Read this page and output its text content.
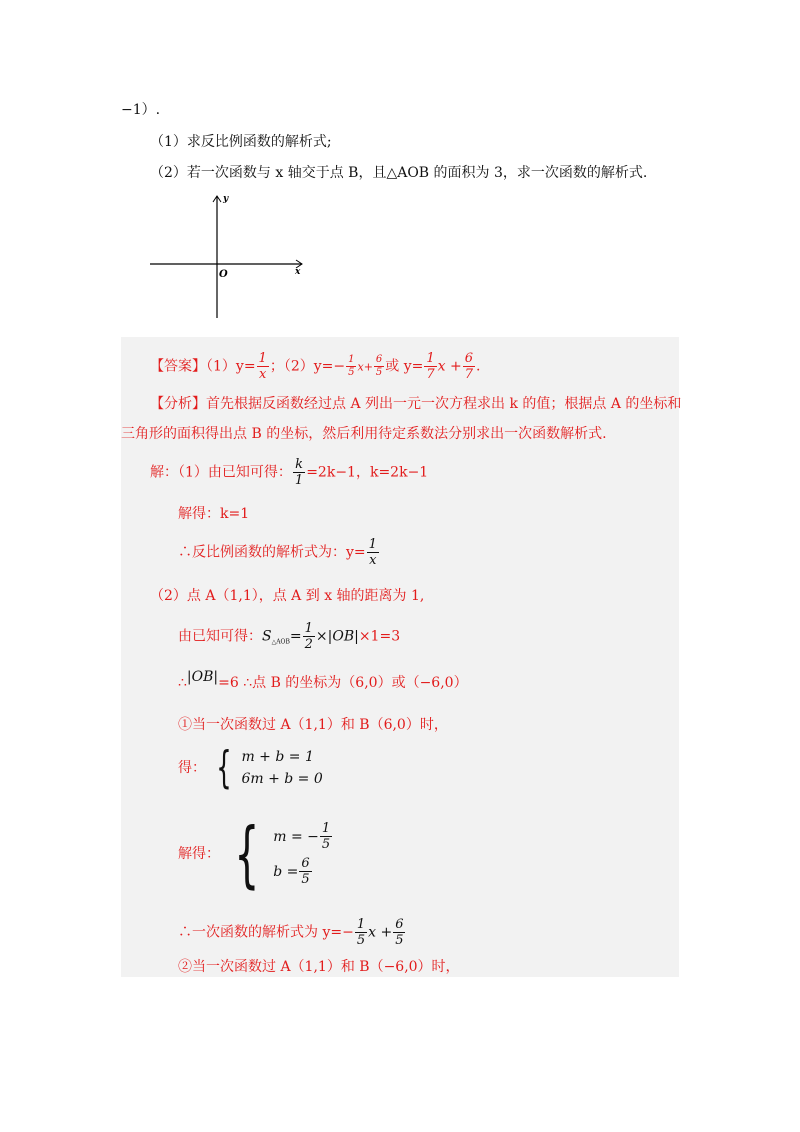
−1）.
（1）求反比例函数的解析式;
（2）若一次函数与 x 轴交于点 B，且△AOB 的面积为 3，求一次函数的解析式.
y
x
O
【答案】$(1)y= \frac{1}{x}$ ；$(2)y=- \frac{1}{5} x+ \frac{6}{5}$ 或 $y= \frac{1}{7}$ $x + \frac{6}{7}$ .
【分析】首先根据反函数经过点 A 列出一元一次方程求出 k 的值；根据点 A 的坐标和
三角形的面积得出点 B 的坐标，然后利用待定系数法分别求出一次函数解析式.
解：（1）由已知可得： $\frac{k}{1} =2k-1$，k=2k−1
解得：k=1
∴反比例函数的解析式为：$y= \frac{1}{x}$
（2）点 A（1,1），点 A 到 x 轴的距离为 1,
由已知可得：$S_{\triangle AOB}= \frac{1}{2} \times|OB|\times 1=3$
∴|OB|=6 ∴点 B 的坐标为（6,0）或（−6,0）
①当一次函数过 A（1,1）和 B（6,0）时，
得： { m + b = 1
6m + b = 0
解得： { m = − $\frac{1}{5}$
$b = \frac{6}{5}$
∴一次函数的解析式为 $y=- \frac{1}{5}$ $x + \frac{6}{5}$
②当一次函数过 A（1,1）和 B（−6,0）时，
